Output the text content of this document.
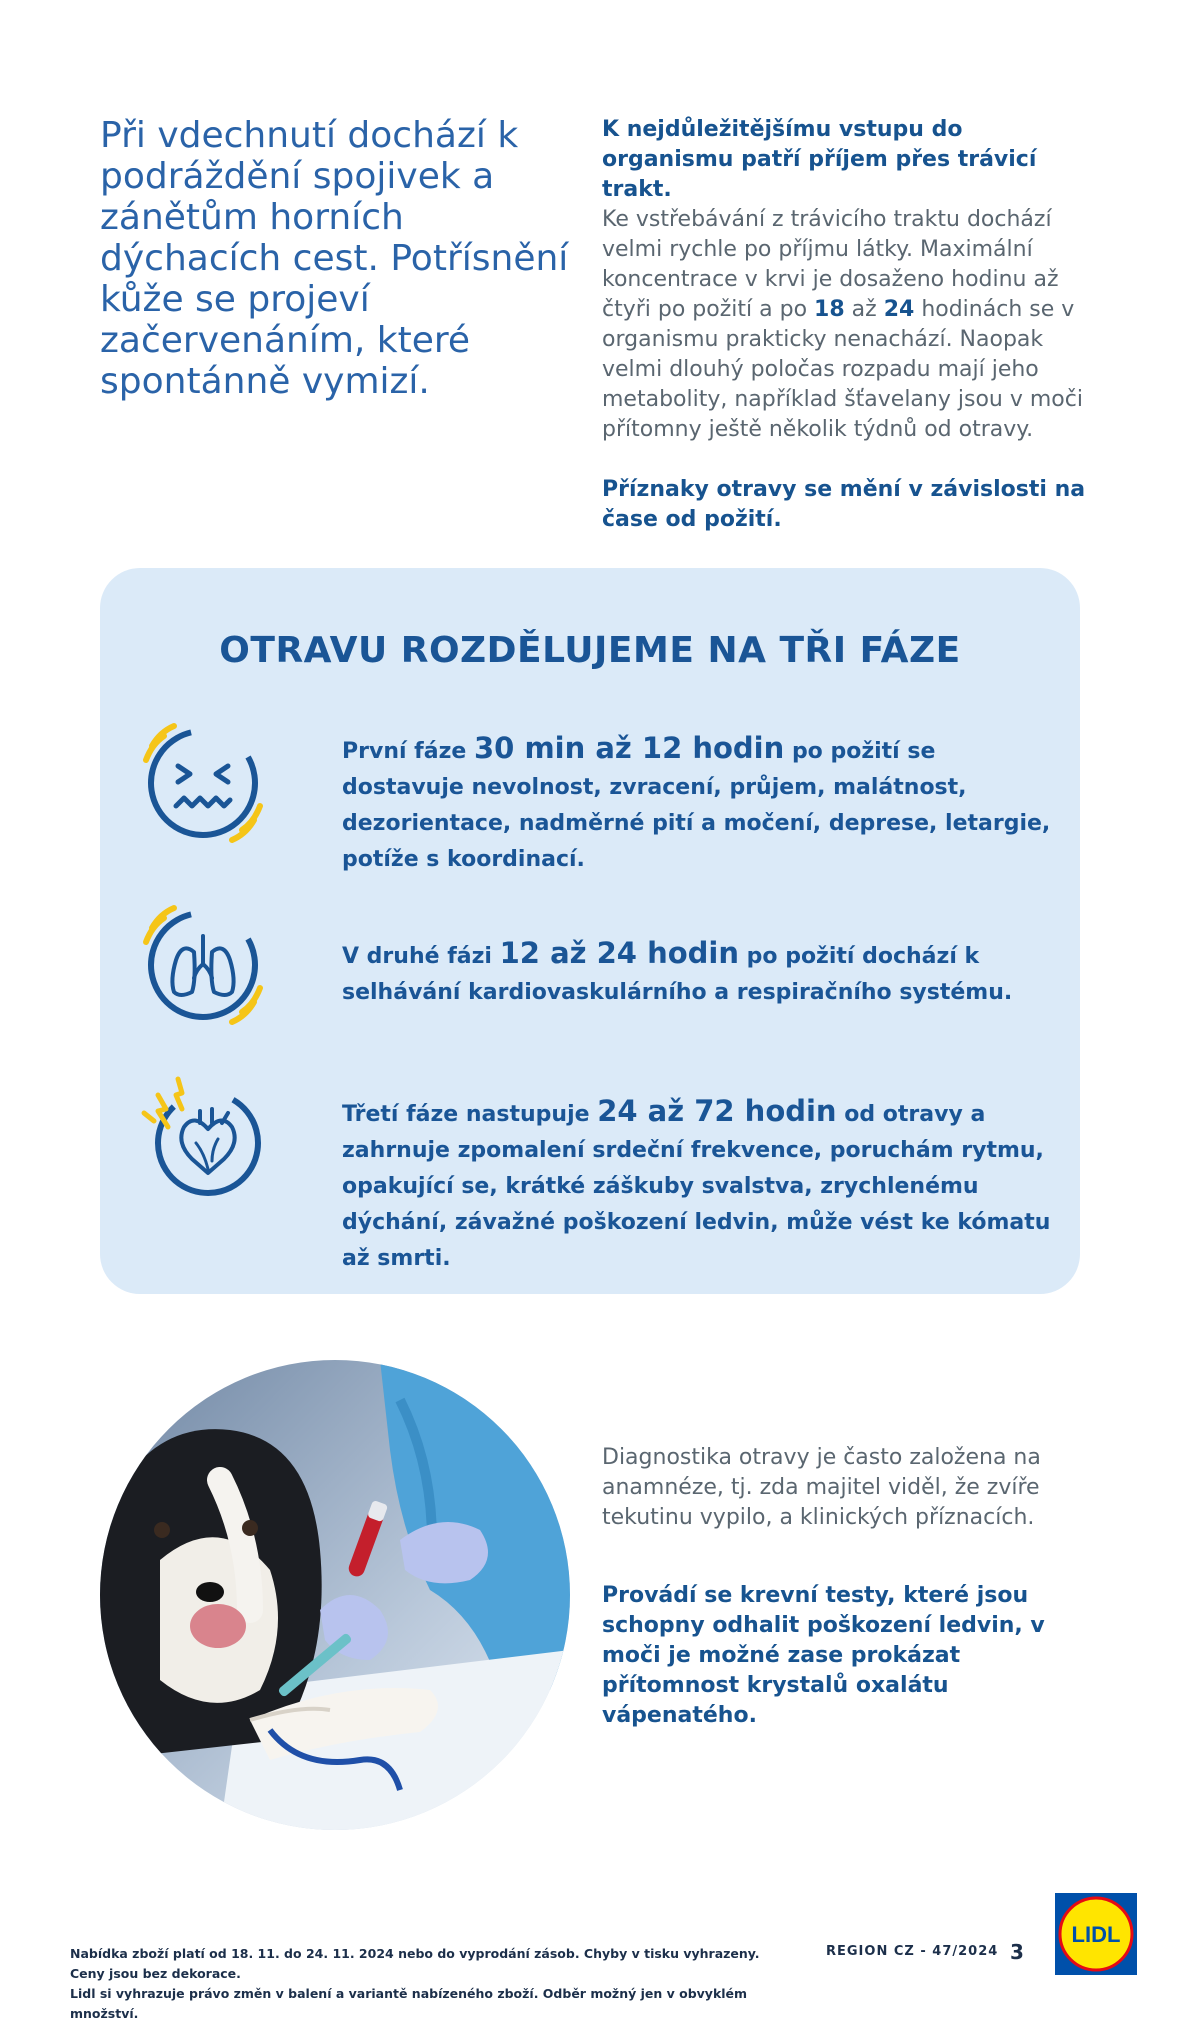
Při vdechnutí dochází k podráždění spojivek a zánětům horních dýchacích cest. Potřísnění kůže se projeví začervenáním, které spontánně vymizí.

K nejdůležitějšímu vstupu do organismu patří příjem přes trávicí trakt.

Ke vstřebávání z trávicího traktu dochází velmi rychle po příjmu látky. Maximální koncentrace v krvi je dosaženo hodinu až čtyři po požití a po 18 až 24 hodinách se v organismu prakticky nenachází. Naopak velmi dlouhý poločas rozpadu mají jeho metabolity, například šťavelany jsou v moči přítomny ještě několik týdnů od otravy.

Příznaky otravy se mění v závislosti na čase od požití.

OTRAVU ROZDĚLUJEME NA TŘI FÁZE
První fáze 30 min až 12 hodin po požití se dostavuje nevolnost, zvracení, průjem, malátnost, dezorientace, nadměrné pití a močení, deprese, letargie, potíže s koordinací.
V druhé fázi 12 až 24 hodin po požití dochází k selhávání kardiovaskulárního a respiračního systému.
Třetí fáze nastupuje 24 až 72 hodin od otravy a zahrnuje zpomalení srdeční frekvence, poruchám rytmu, opakující se, krátké záškuby svalstva, zrychlenému dýchání, závažné poškození ledvin, může vést ke kómatu až smrti.

Diagnostika otravy je často založena na anamnéze, tj. zda majitel viděl, že zvíře tekutinu vypilo, a klinických příznacích.

Provádí se krevní testy, které jsou schopny odhalit poškození ledvin, v moči je možné zase prokázat přítomnost krystalů oxalátu vápenatého.

Nabídka zboží platí od 18. 11. do 24. 11. 2024 nebo do vyprodání zásob. Chyby v tisku vyhrazeny. Ceny jsou bez dekorace.
Lidl si vyhrazuje právo změn v balení a variantě nabízeného zboží. Odběr možný jen v obvyklém množství.
REGION CZ - 47/2024 3
LIDL
